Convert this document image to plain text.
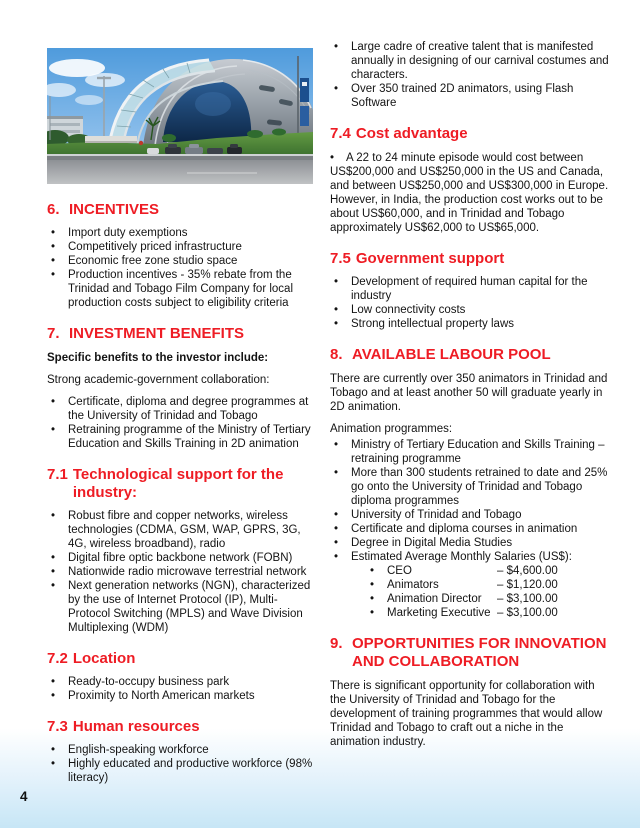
6. INCENTIVES
• Import duty exemptions
• Competitively priced infrastructure
• Economic free zone studio space
• Production incentives - 35% rebate from the Trinidad and Tobago Film Company for local production costs subject to eligibility criteria
7. INVESTMENT BENEFITS

Specific benefits to the investor include:

Strong academic-government collaboration:

• Certificate, diploma and degree programmes at the University of Trinidad and Tobago
• Retraining programme of the Ministry of Tertiary Education and Skills Training in 2D animation
7.1 Technological support for the industry:
• Robust fibre and copper networks, wireless technologies (CDMA, GSM, WAP, GPRS, 3G, 4G, wireless broadband), radio
• Digital fibre optic backbone network (FOBN)
• Nationwide radio microwave terrestrial network
• Next generation networks (NGN), characterized by the use of Internet Protocol (IP), Multi-Protocol Switching (MPLS) and Wave Division Multiplexing (WDM)
7.2 Location
• Ready-to-occupy business park
• Proximity to North American markets
7.3 Human resources
• English-speaking workforce
• Highly educated and productive workforce (98% literacy)
• Large cadre of creative talent that is manifested annually in designing of our carnival costumes and characters.
• Over 350 trained 2D animators, using Flash Software
7.4 Cost advantage

• A 22 to 24 minute episode would cost between US$200,000 and US$250,000 in the US and Canada, and between US$250,000 and US$300,000 in Europe. However, in India, the production cost works out to be about US$60,000, and in Trinidad and Tobago approximately US$62,000 to US$65,000.

7.5 Government support
• Development of required human capital for the industry
• Low connectivity costs
• Strong intellectual property laws
8. AVAILABLE LABOUR POOL

There are currently over 350 animators in Trinidad and Tobago and at least another 50 will graduate yearly in 2D animation.

Animation programmes:

• Ministry of Tertiary Education and Skills Training – retraining programme
• More than 300 students retrained to date and 25% go onto the University of Trinidad and Tobago diploma programmes
• University of Trinidad and Tobago
• Certificate and diploma courses in animation
• Degree in Digital Media Studies
• Estimated Average Monthly Salaries (US$):
• CEO	– $4,600.00
• Animators	– $1,120.00
• Animation Director	– $3,100.00
• Marketing Executive – $3,100.00
9. OPPORTUNITIES FOR INNOVATION AND COLLABORATION

There is significant opportunity for collaboration with the University of Trinidad and Tobago for the development of training programmes that would allow Trinidad and Tobago to craft out a niche in the animation industry.

4
